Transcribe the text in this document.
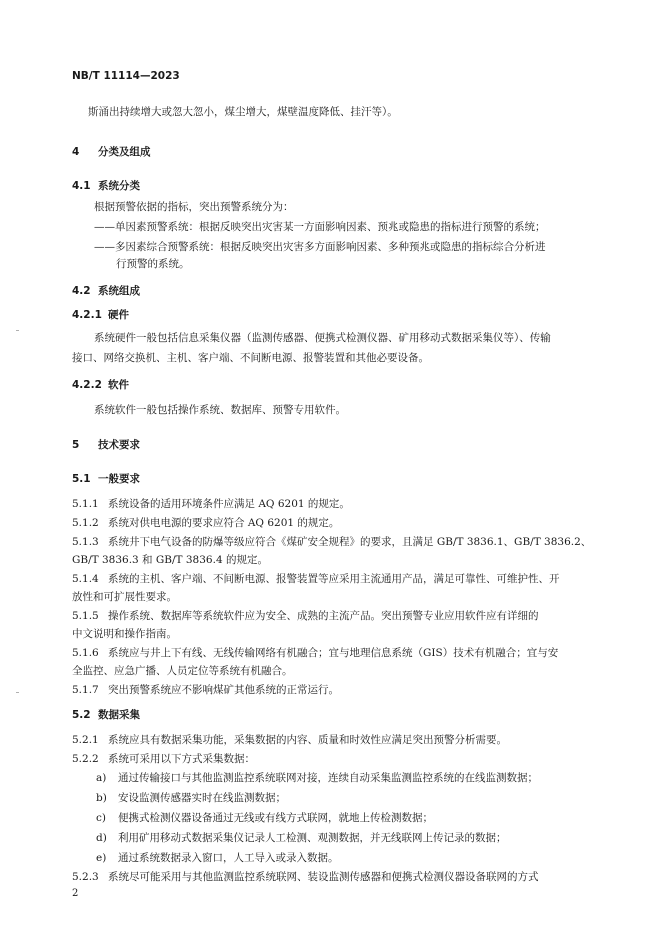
NB/T 11114—2023
斯涌出持续增大或忽大忽小，煤尘增大，煤壁温度降低、挂汗等）。
4 分类及组成
4.1 系统分类
根据预警依据的指标，突出预警系统分为：
——单因素预警系统：根据反映突出灾害某一方面影响因素、预兆或隐患的指标进行预警的系统；
——多因素综合预警系统：根据反映突出灾害多方面影响因素、多种预兆或隐患的指标综合分析进
行预警的系统。
4.2 系统组成
4.2.1 硬件
系统硬件一般包括信息采集仪器（监测传感器、便携式检测仪器、矿用移动式数据采集仪等）、传输
接口、网络交换机、主机、客户端、不间断电源、报警装置和其他必要设备。
4.2.2 软件
系统软件一般包括操作系统、数据库、预警专用软件。
5 技术要求
5.1 一般要求
5.1.1 系统设备的适用环境条件应满足 AQ 6201 的规定。
5.1.2 系统对供电电源的要求应符合 AQ 6201 的规定。
5.1.3 系统井下电气设备的防爆等级应符合《煤矿安全规程》的要求，且满足 GB/T 3836.1、GB/T 3836.2、
GB/T 3836.3 和 GB/T 3836.4 的规定。
5.1.4 系统的主机、客户端、不间断电源、报警装置等应采用主流通用产品，满足可靠性、可维护性、开
放性和可扩展性要求。
5.1.5 操作系统、数据库等系统软件应为安全、成熟的主流产品。突出预警专业应用软件应有详细的
中文说明和操作指南。
5.1.6 系统应与井上下有线、无线传输网络有机融合；宜与地理信息系统（GIS）技术有机融合；宜与安
全监控、应急广播、人员定位等系统有机融合。
5.1.7 突出预警系统应不影响煤矿其他系统的正常运行。
5.2 数据采集
5.2.1 系统应具有数据采集功能，采集数据的内容、质量和时效性应满足突出预警分析需要。
5.2.2 系统可采用以下方式采集数据：
a) 通过传输接口与其他监测监控系统联网对接，连续自动采集监测监控系统的在线监测数据；
b) 安设监测传感器实时在线监测数据；
c) 便携式检测仪器设备通过无线或有线方式联网，就地上传检测数据；
d) 利用矿用移动式数据采集仪记录人工检测、观测数据，并无线联网上传记录的数据；
e) 通过系统数据录入窗口，人工导入或录入数据。
5.2.3 系统尽可能采用与其他监测监控系统联网、装设监测传感器和便携式检测仪器设备联网的方式
2
